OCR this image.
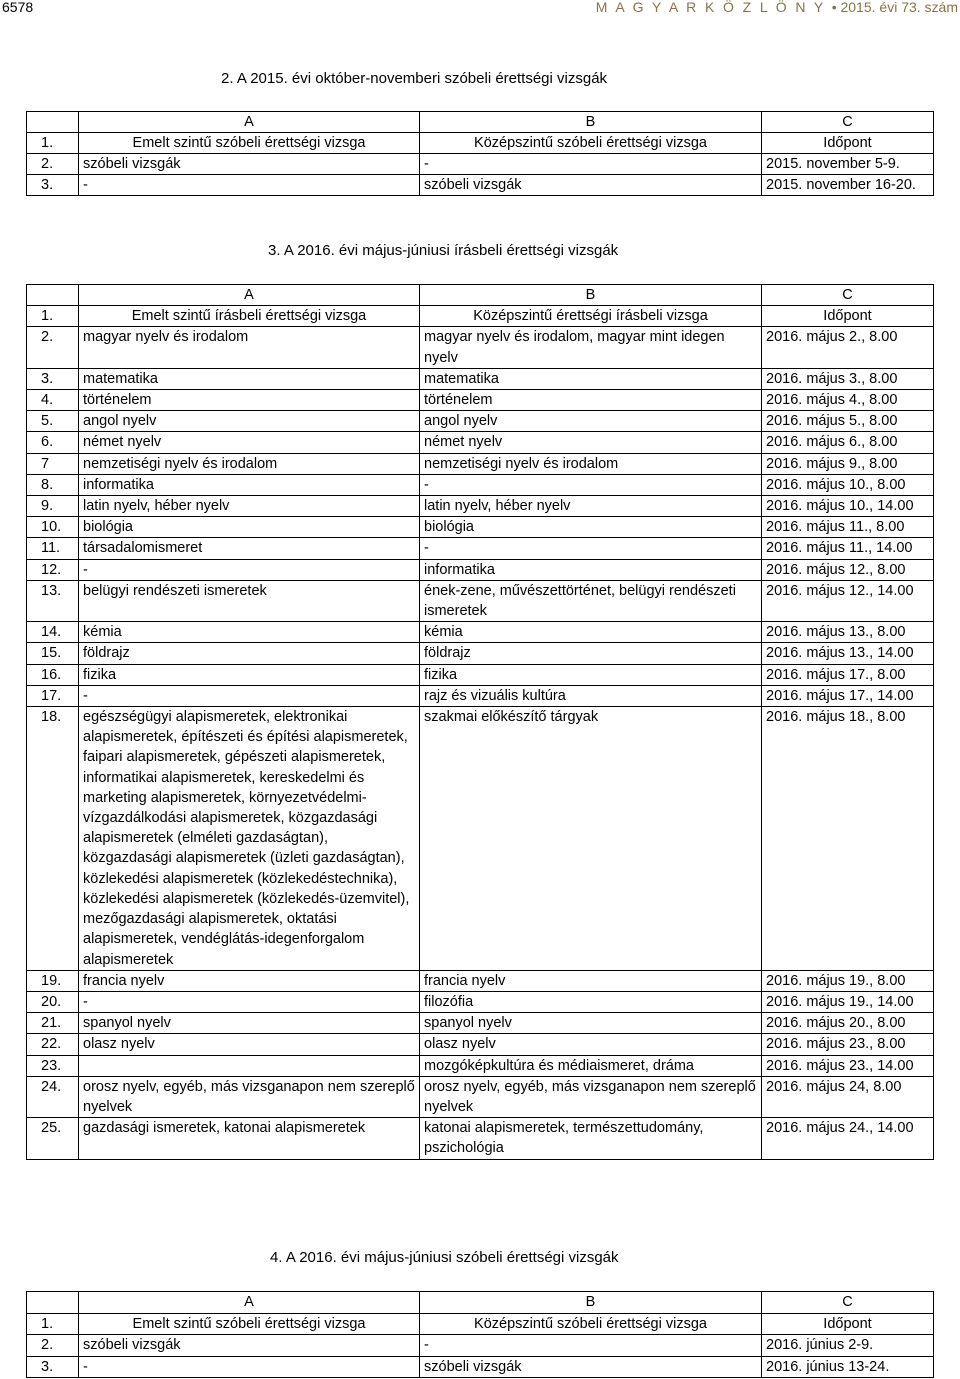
6578	M A G Y A R K Ö Z L Ö N Y • 2015. évi 73. szám
2. A 2015. évi október-novemberi szóbeli érettségi vizsgák
	A	B	C
1.	Emelt szintű szóbeli érettségi vizsga	Középszintű szóbeli érettségi vizsga	Időpont
2.	szóbeli vizsgák	-	2015. november 5-9.
3.	-	szóbeli vizsgák	2015. november 16-20.
3. A 2016. évi május-júniusi írásbeli érettségi vizsgák
	A	B	C
1.	Emelt szintű írásbeli érettségi vizsga	Középszintű érettségi írásbeli vizsga	Időpont
2.	magyar nyelv és irodalom	magyar nyelv és irodalom, magyar mint idegen nyelv	2016. május 2., 8.00
3.	matematika	matematika	2016. május 3., 8.00
4.	történelem	történelem	2016. május 4., 8.00
5.	angol nyelv	angol nyelv	2016. május 5., 8.00
6.	német nyelv	német nyelv	2016. május 6., 8.00
7	nemzetiségi nyelv és irodalom	nemzetiségi nyelv és irodalom	2016. május 9., 8.00
8.	informatika	-	2016. május 10., 8.00
9.	latin nyelv, héber nyelv	latin nyelv, héber nyelv	2016. május 10., 14.00
10.	biológia	biológia	2016. május 11., 8.00
11.	társadalomismeret	-	2016. május 11., 14.00
12.	-	informatika	2016. május 12., 8.00
13.	belügyi rendészeti ismeretek	ének-zene, művészettörténet, belügyi rendészeti ismeretek	2016. május 12., 14.00
14.	kémia	kémia	2016. május 13., 8.00
15.	földrajz	földrajz	2016. május 13., 14.00
16.	fizika	fizika	2016. május 17., 8.00
17.	-	rajz és vizuális kultúra	2016. május 17., 14.00
18.	egészségügyi alapismeretek, elektronikai alapismeretek, építészeti és építési alapismeretek, faipari alapismeretek, gépészeti alapismeretek, informatikai alapismeretek, kereskedelmi és marketing alapismeretek, környezetvédelmi-vízgazdálkodási alapismeretek, közgazdasági alapismeretek (elméleti gazdaságtan), közgazdasági alapismeretek (üzleti gazdaságtan), közlekedési alapismeretek (közlekedéstechnika), közlekedési alapismeretek (közlekedés-üzemvitel), mezőgazdasági alapismeretek, oktatási alapismeretek, vendéglátás-idegenforgalom alapismeretek	szakmai előkészítő tárgyak	2016. május 18., 8.00
19.	francia nyelv	francia nyelv	2016. május 19., 8.00
20.	-	filozófia	2016. május 19., 14.00
21.	spanyol nyelv	spanyol nyelv	2016. május 20., 8.00
22.	olasz nyelv	olasz nyelv	2016. május 23., 8.00
23.		mozgóképkultúra és médiaismeret, dráma	2016. május 23., 14.00
24.	orosz nyelv, egyéb, más vizsganapon nem szereplő nyelvek	orosz nyelv, egyéb, más vizsganapon nem szereplő nyelvek	2016. május 24, 8.00
25.	gazdasági ismeretek, katonai alapismeretek	katonai alapismeretek, természettudomány, pszichológia	2016. május 24., 14.00
4. A 2016. évi május-júniusi szóbeli érettségi vizsgák
	A	B	C
1.	Emelt szintű szóbeli érettségi vizsga	Középszintű szóbeli érettségi vizsga	Időpont
2.	szóbeli vizsgák	-	2016. június 2-9.
3.	-	szóbeli vizsgák	2016. június 13-24.
